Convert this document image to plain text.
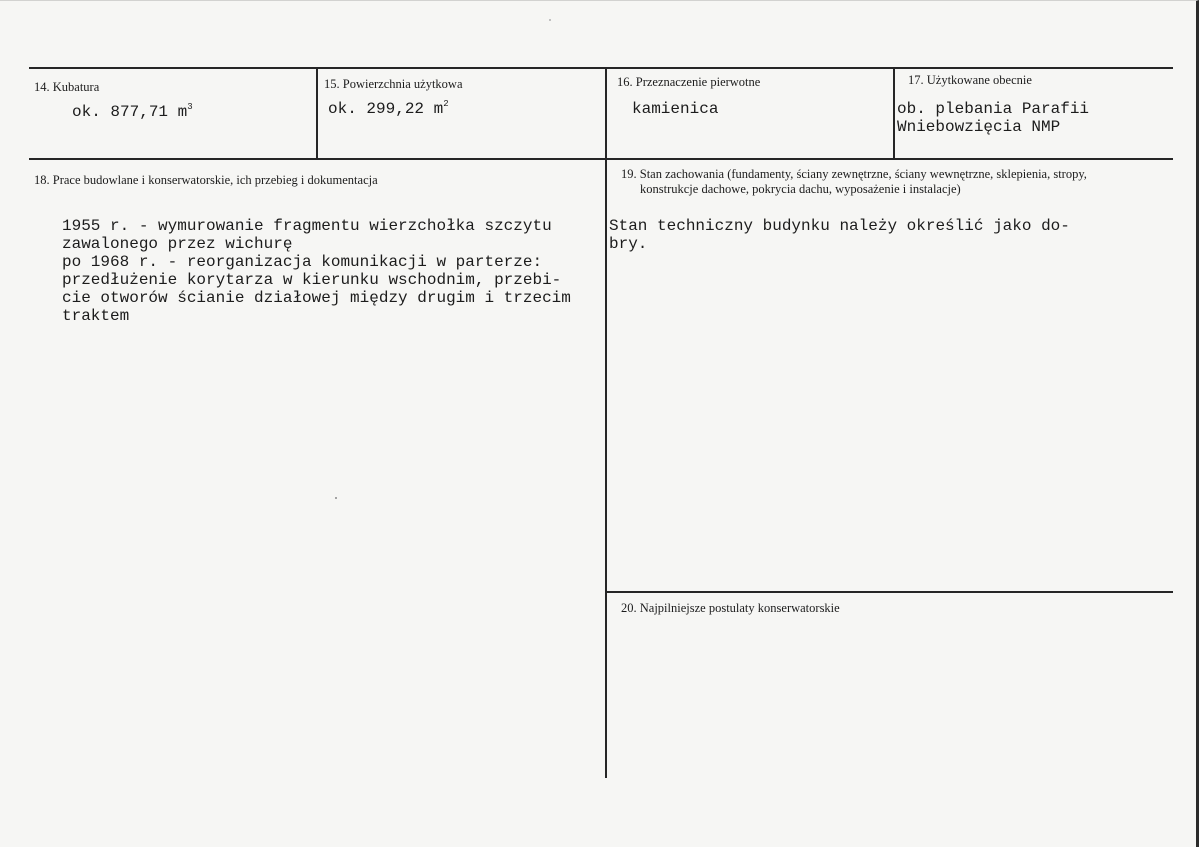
14. Kubatura
ok. 877,71 $m^3$
15. Powierzchnia użytkowa
ok. 299,22 $m^2$
16. Przeznaczenie pierwotne
kamienica
17. Użytkowane obecnie
ob. plebania Parafii
Wniebowzięcia NMP
18. Prace budowlane i konserwatorskie, ich przebieg i dokumentacja
1955 r. - wymurowanie fragmentu wierzchołka szczytu
zawalonego przez wichurę
po 1968 r. - reorganizacja komunikacji w parterze:
przedłużenie korytarza w kierunku wschodnim, przebi-
cie otworów ścianie działowej między drugim i trzecim
traktem
19. Stan zachowania (fundamenty, ściany zewnętrzne, ściany wewnętrzne, sklepienia, stropy,
konstrukcje dachowe, pokrycia dachu, wyposażenie i instalacje)
Stan techniczny budynku należy określić jako do-
bry.
20. Najpilniejsze postulaty konserwatorskie
